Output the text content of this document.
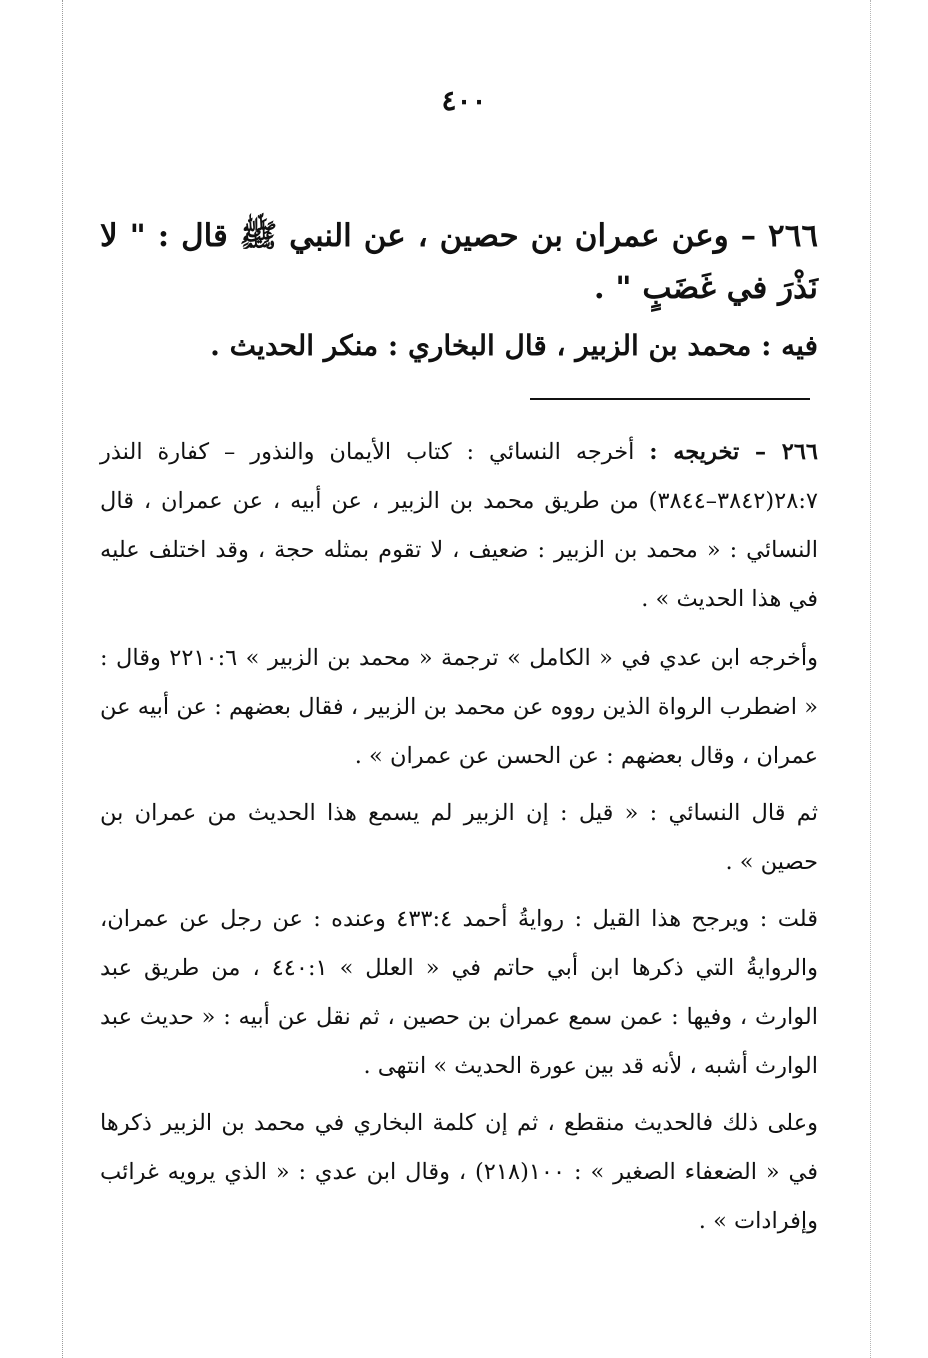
٤٠٠
٢٦٦ – وعن عمران بن حصين ، عن النبي ﷺ قال : " لا نَذْرَ في غَضَبٍ " .
فيه : محمد بن الزبير ، قال البخاري : منكر الحديث .

٢٦٦ – تخريجه : أخرجه النسائي : كتاب الأيمان والنذور – كفارة النذر ٢٨:٧(٣٨٤٢–٣٨٤٤) من طريق محمد بن الزبير ، عن أبيه ، عن عمران ، قال النسائي : « محمد بن الزبير : ضعيف ، لا تقوم بمثله حجة ، وقد اختلف عليه في هذا الحديث » .

وأخرجه ابن عدي في « الكامل » ترجمة « محمد بن الزبير » ٢٢١٠:٦ وقال : « اضطرب الرواة الذين رووه عن محمد بن الزبير ، فقال بعضهم : عن أبيه عن عمران ، وقال بعضهم : عن الحسن عن عمران » .

ثم قال النسائي : « قيل : إن الزبير لم يسمع هذا الحديث من عمران بن حصين » .

قلت : ويرجح هذا القيل : روايةُ أحمد ٤٣٣:٤ وعنده : عن رجل عن عمران، والروايةُ التي ذكرها ابن أبي حاتم في « العلل » ٤٤٠:١ ، من طريق عبد الوارث ، وفيها : عمن سمع عمران بن حصين ، ثم نقل عن أبيه : « حديث عبد الوارث أشبه ، لأنه قد بين عورة الحديث » انتهى .

وعلى ذلك فالحديث منقطع ، ثم إن كلمة البخاري في محمد بن الزبير ذكرها في « الضعفاء الصغير » : ١٠٠(٢١٨) ، وقال ابن عدي : « الذي يرويه غرائب وإفرادات » .
